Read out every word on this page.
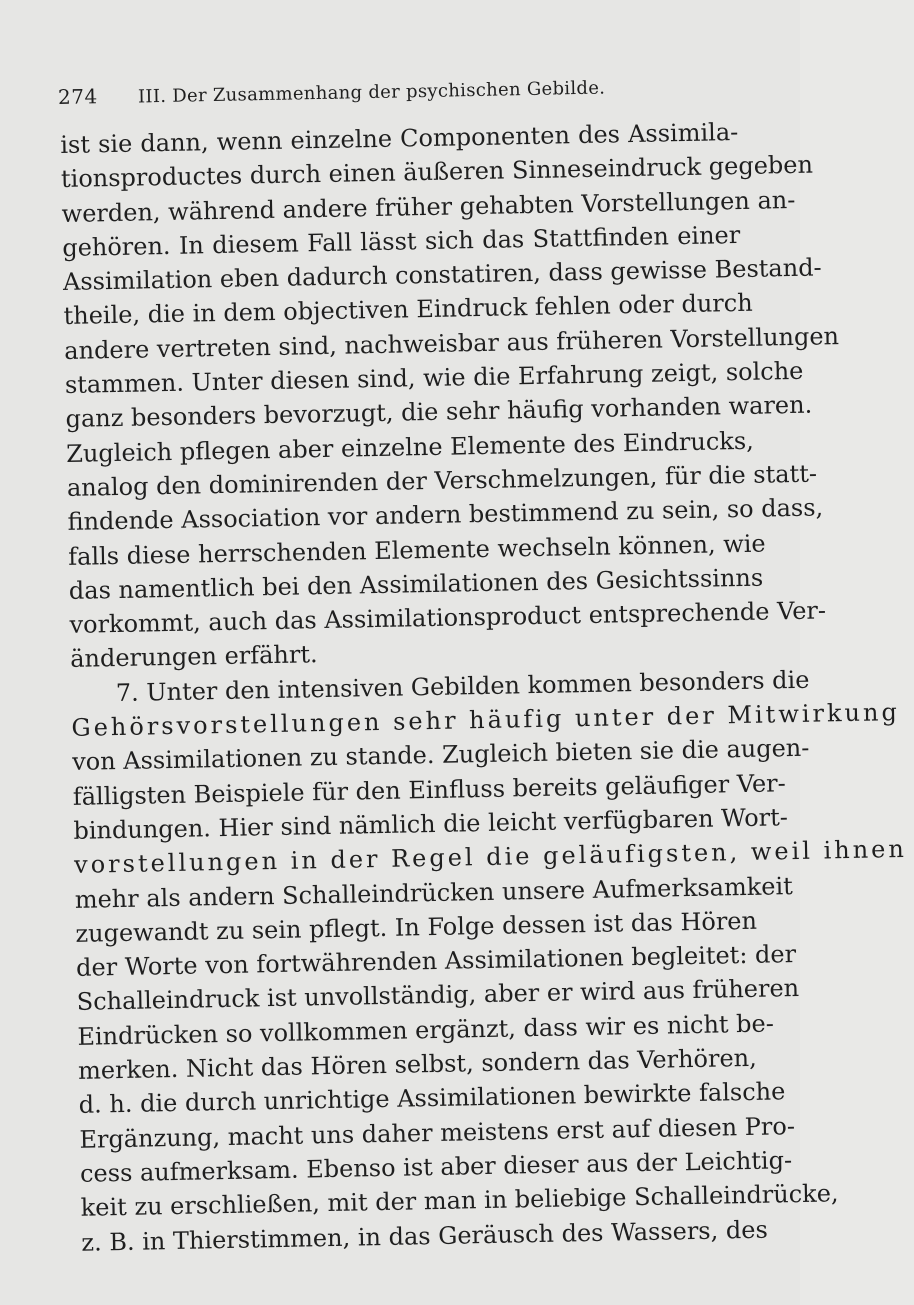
274 III. Der Zusammenhang der psychischen Gebilde.
ist sie dann, wenn einzelne Componenten des Assimila-
tionsproductes durch einen äußeren Sinneseindruck gegeben
werden, während andere früher gehabten Vorstellungen an-
gehören. In diesem Fall lässt sich das Stattfinden einer
Assimilation eben dadurch constatiren, dass gewisse Bestand-
theile, die in dem objectiven Eindruck fehlen oder durch
andere vertreten sind, nachweisbar aus früheren Vorstellungen
stammen. Unter diesen sind, wie die Erfahrung zeigt, solche
ganz besonders bevorzugt, die sehr häufig vorhanden waren.
Zugleich pflegen aber einzelne Elemente des Eindrucks,
analog den dominirenden der Verschmelzungen, für die statt-
findende Association vor andern bestimmend zu sein, so dass,
falls diese herrschenden Elemente wechseln können, wie
das namentlich bei den Assimilationen des Gesichtssinns
vorkommt, auch das Assimilationsproduct entsprechende Ver-
änderungen erfährt.
7. Unter den intensiven Gebilden kommen besonders die
Gehörsvorstellungen sehr häufig unter der Mitwirkung
von Assimilationen zu stande. Zugleich bieten sie die augen-
fälligsten Beispiele für den Einfluss bereits geläufiger Ver-
bindungen. Hier sind nämlich die leicht verfügbaren Wort-
vorstellungen in der Regel die geläufigsten, weil ihnen
mehr als andern Schalleindrücken unsere Aufmerksamkeit
zugewandt zu sein pflegt. In Folge dessen ist das Hören
der Worte von fortwährenden Assimilationen begleitet: der
Schalleindruck ist unvollständig, aber er wird aus früheren
Eindrücken so vollkommen ergänzt, dass wir es nicht be-
merken. Nicht das Hören selbst, sondern das Verhören,
d. h. die durch unrichtige Assimilationen bewirkte falsche
Ergänzung, macht uns daher meistens erst auf diesen Pro-
cess aufmerksam. Ebenso ist aber dieser aus der Leichtig-
keit zu erschließen, mit der man in beliebige Schalleindrücke,
z. B. in Thierstimmen, in das Geräusch des Wassers, des
